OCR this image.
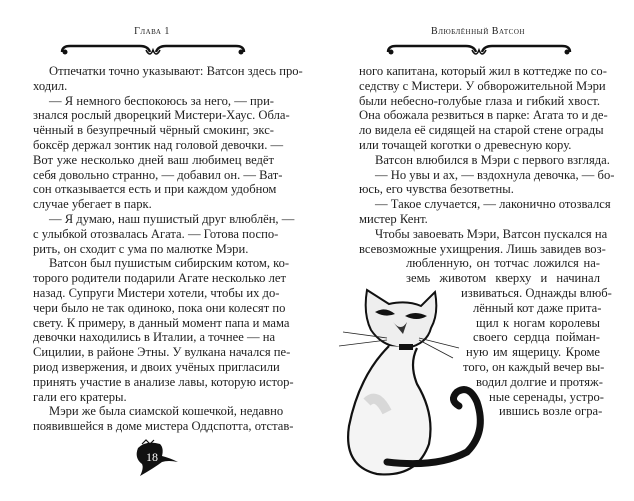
Глава 1
Отпечатки точно указывают: Ватсон здесь про-
ходил.
— Я немного беспокоюсь за него, — при-
знался рослый дворецкий Мистери-Хаус. Обла-
чённый в безупречный чёрный смокинг, экс-
боксёр держал зонтик над головой девочки. —
Вот уже несколько дней ваш любимец ведёт
себя довольно странно, — добавил он. — Ват-
сон отказывается есть и при каждом удобном
случае убегает в парк.
— Я думаю, наш пушистый друг влюблён, —
с улыбкой отозвалась Агата. — Готова поспо-
рить, он сходит с ума по малютке Мэри.
Ватсон был пушистым сибирским котом, ко-
торого родители подарили Агате несколько лет
назад. Супруги Мистери хотели, чтобы их до-
чери было не так одиноко, пока они колесят по
свету. К примеру, в данный момент папа и мама
девочки находились в Италии, а точнее — на
Сицилии, в районе Этны. У вулкана начался пе-
риод извержения, и двоих учёных пригласили
принять участие в анализе лавы, которую истор-
гали его кратеры.
Мэри же была сиамской кошечкой, недавно
появившейся в доме мистера Оддспотта, отстав-
18
Влюблённый Ватсон
ного капитана, который жил в коттедже по со-
седству с Мистери. У обворожительной Мэри
были небесно-голубые глаза и гибкий хвост.
Она обожала резвиться в парке: Агата то и де-
ло видела её сидящей на старой стене ограды
или точащей коготки о древесную кору.
Ватсон влюбился в Мэри с первого взгляда.
— Но увы и ах, — вздохнула девочка, — бо-
юсь, его чувства безответны.
— Такое случается, — лаконично отозвался
мистер Кент.
Чтобы завоевать Мэри, Ватсон пускался на
всевозможные ухищрения. Лишь завидев воз-
любленную, он тотчас ложился на-
земь животом кверху и начинал
извиваться. Однажды влюб-
лённый кот даже прита-
щил к ногам королевы
своего сердца пойман-
ную им ящерицу. Кроме
того, он каждый вечер вы-
водил долгие и протяж-
ные серенады, устро-
ившись возле огра-
